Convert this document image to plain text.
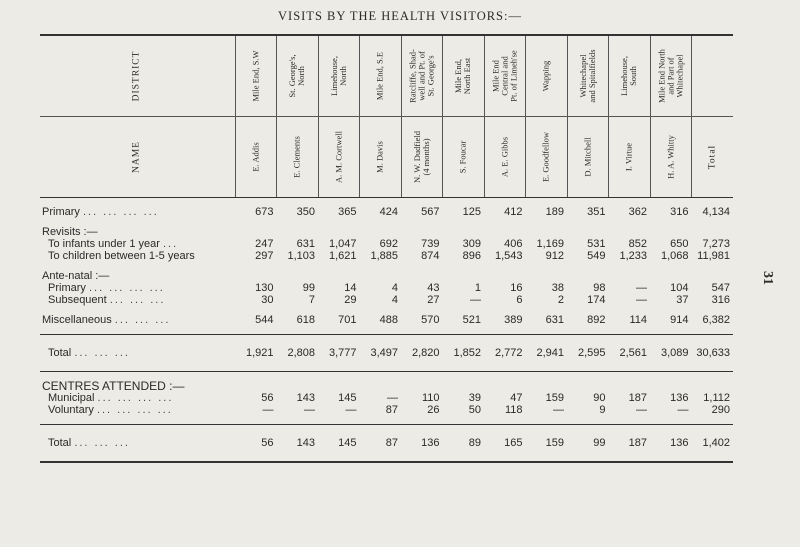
VISITS BY THE HEALTH VISITORS:—
31
DISTRICT	Mile End, S.W	St. George's,
North	Limehouse,
North	Mile End, S.E	Ratcliffe, Shad-
well and Pt. of
St. George's	Mile End,
North East	Mile End
Central and
Pt. of Limeh'se	Wapping	Whitechapel
and Spitalfields	Limehouse,
South	Mile End North
and Part of
Whitechapel	

NAME	E. Addis	E. Clements	A. M. Cortwell	M. Davis	N. W. Dudfield
(4 months)	S. Foucar	A. E. Gibbs	E. Goodfellow	D. Mitchell	I. Virtue	H. A. Whitty	Total

Primary ... ... ... ...	673	350	365	424	567	125	412	189	351	362	316	4,134

Revisits :—												
To infants under 1 year ...	247	631	1,047	692	739	309	406	1,169	531	852	650	7,273
To children between 1-5 years	297	1,103	1,621	1,885	874	896	1,543	912	549	1,233	1,068	11,981

Ante-natal :—												
Primary ... ... ... ...	130	99	14	4	43	1	16	38	98	—	104	547
Subsequent ... ... ...	30	7	29	4	27	—	6	2	174	—	37	316

Miscellaneous ... ... ...	544	618	701	488	570	521	389	631	892	114	914	6,382

Total ... ... ...	1,921	2,808	3,777	3,497	2,820	1,852	2,772	2,941	2,595	2,561	3,089	30,633

CENTRES ATTENDED :—												
Municipal ... ... ... ...	56	143	145	—	110	39	47	159	90	187	136	1,112
Voluntary ... ... ... ...	—	—	—	87	26	50	118	—	9	—	—	290

Total ... ... ...	56	143	145	87	136	89	165	159	99	187	136	1,402
